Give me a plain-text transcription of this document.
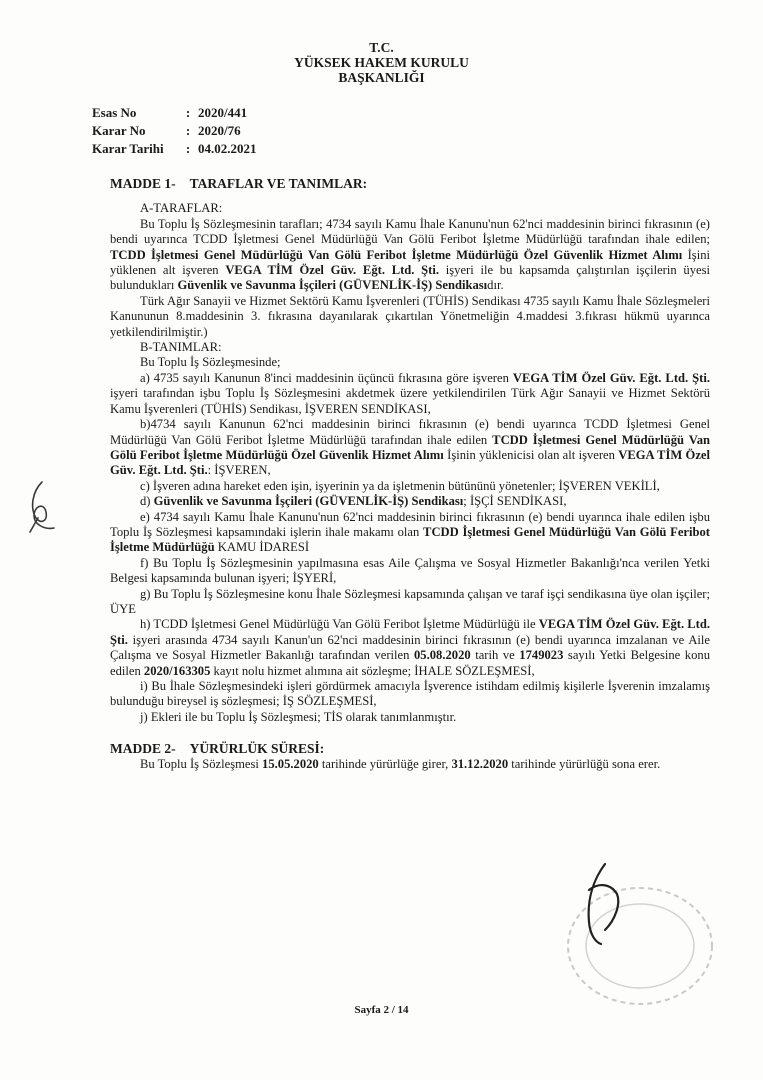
T.C.
YÜKSEK HAKEM KURULU
BAŞKANLIĞI
Esas No	: 2020/441
Karar No	: 2020/76
Karar Tarihi	: 04.02.2021

MADDE 1- TARAFLAR VE TANIMLAR:

A-TARAFLAR:

Bu Toplu İş Sözleşmesinin tarafları; 4734 sayılı Kamu İhale Kanunu'nun 62'nci maddesinin birinci fıkrasının (e) bendi uyarınca TCDD İşletmesi Genel Müdürlüğü Van Gölü Feribot İşletme Müdürlüğü tarafından ihale edilen; TCDD İşletmesi Genel Müdürlüğü Van Gölü Feribot İşletme Müdürlüğü Özel Güvenlik Hizmet Alımı İşini yüklenen alt işveren VEGA TİM Özel Güv. Eğt. Ltd. Şti. işyeri ile bu kapsamda çalıştırılan işçilerin üyesi bulundukları Güvenlik ve Savunma İşçileri (GÜVENLİK-İŞ) Sendikasıdır.

Türk Ağır Sanayii ve Hizmet Sektörü Kamu İşverenleri (TÜHİS) Sendikası 4735 sayılı Kamu İhale Sözleşmeleri Kanununun 8.maddesinin 3. fıkrasına dayanılarak çıkartılan Yönetmeliğin 4.maddesi 3.fıkrası hükmü uyarınca yetkilendirilmiştir.)

B-TANIMLAR:

Bu Toplu İş Sözleşmesinde;

a) 4735 sayılı Kanunun 8'inci maddesinin üçüncü fıkrasına göre işveren VEGA TİM Özel Güv. Eğt. Ltd. Şti. işyeri tarafından işbu Toplu İş Sözleşmesini akdetmek üzere yetkilendirilen Türk Ağır Sanayii ve Hizmet Sektörü Kamu İşverenleri (TÜHİS) Sendikası, İŞVEREN SENDİKASI,

b)4734 sayılı Kanunun 62'nci maddesinin birinci fıkrasının (e) bendi uyarınca TCDD İşletmesi Genel Müdürlüğü Van Gölü Feribot İşletme Müdürlüğü tarafından ihale edilen TCDD İşletmesi Genel Müdürlüğü Van Gölü Feribot İşletme Müdürlüğü Özel Güvenlik Hizmet Alımı İşinin yüklenicisi olan alt işveren VEGA TİM Özel Güv. Eğt. Ltd. Şti.: İŞVEREN,

c) İşveren adına hareket eden işin, işyerinin ya da işletmenin bütününü yönetenler; İŞVEREN VEKİLİ,

d) Güvenlik ve Savunma İşçileri (GÜVENLİK-İŞ) Sendikası; İŞÇİ SENDİKASI,

e) 4734 sayılı Kamu İhale Kanunu'nun 62'nci maddesinin birinci fıkrasının (e) bendi uyarınca ihale edilen işbu Toplu İş Sözleşmesi kapsamındaki işlerin ihale makamı olan TCDD İşletmesi Genel Müdürlüğü Van Gölü Feribot İşletme Müdürlüğü KAMU İDARESİ

f) Bu Toplu İş Sözleşmesinin yapılmasına esas Aile Çalışma ve Sosyal Hizmetler Bakanlığı'nca verilen Yetki Belgesi kapsamında bulunan işyeri; İŞYERİ,

g) Bu Toplu İş Sözleşmesine konu İhale Sözleşmesi kapsamında çalışan ve taraf işçi sendikasına üye olan işçiler; ÜYE

h) TCDD İşletmesi Genel Müdürlüğü Van Gölü Feribot İşletme Müdürlüğü ile VEGA TİM Özel Güv. Eğt. Ltd. Şti. işyeri arasında 4734 sayılı Kanun'un 62'nci maddesinin birinci fıkrasının (e) bendi uyarınca imzalanan ve Aile Çalışma ve Sosyal Hizmetler Bakanlığı tarafından verilen 05.08.2020 tarih ve 1749023 sayılı Yetki Belgesine konu edilen 2020/163305 kayıt nolu hizmet alımına ait sözleşme; İHALE SÖZLEŞMESİ,

i) Bu İhale Sözleşmesindeki işleri gördürmek amacıyla İşverence istihdam edilmiş kişilerle İşverenin imzalamış bulunduğu bireysel iş sözleşmesi; İŞ SÖZLEŞMESİ,

j) Ekleri ile bu Toplu İş Sözleşmesi; TİS olarak tanımlanmıştır.

MADDE 2- YÜRÜRLÜK SÜRESİ:

Bu Toplu İş Sözleşmesi 15.05.2020 tarihinde yürürlüğe girer, 31.12.2020 tarihinde yürürlüğü sona erer.

Sayfa 2 / 14
